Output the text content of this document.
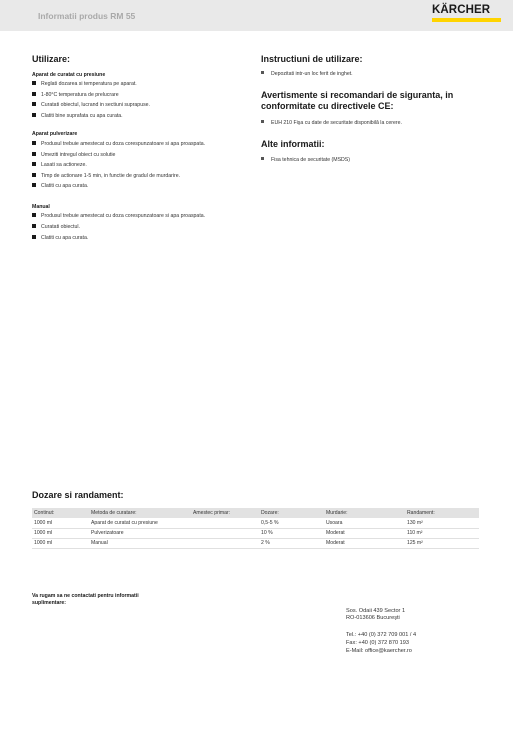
Informatii produs RM 55	KÄRCHER
Utilizare:
Aparat de curatat cu presiune
Reglati dozarea si temperatura pe aparat.
1-80°C temperatura de prelucrare
Curatati obiectul, lucrand in sectiuni suprapuse.
Clatiti bine suprafata cu apa curata.
Aparat pulverizare
Produsul trebuie amestecat cu doza corespunzatoare si apa proaspata.
Umeziti intregul obiect cu solutie
Lasati sa actioneze.
Timp de actionare 1-5 min, in functie de gradul de murdarire.
Clatiti cu apa curata.
Manual
Produsul trebuie amestecat cu doza corespunzatoare si apa proaspata.
Curatati obiectul.
Clatiti cu apa curata.
Instructiuni de utilizare:
Depozitati intr-un loc ferit de inghet.
Avertismente si recomandari de siguranta, in conformitate cu directivele CE:
EUH 210 Fişa cu date de securitate disponibilă la cerere.
Alte informatii:
Fisa tehnica de securitate (MSDS)
Dozare si randament:
Continut:	Metoda de curatare:	Amestec primar:	Dozare:	Murdarie:	Randament:
1000 ml	Aparat de curatat cu presiune		0,5-5 %	Usoara	130 m²
1000 ml	Pulverizatoare		10 %	Moderat	110 m²
1000 ml	Manual		2 %	Moderat	125 m²
Va rugam sa ne contactati pentru informatii suplimentare:
Sos. Odaii 439 Sector 1
RO-013606 Bucureşti
Tel.: +40 (0) 372 709 001 / 4
Fax: +40 (0) 372 870 193
E-Mail: office@kaercher.ro
